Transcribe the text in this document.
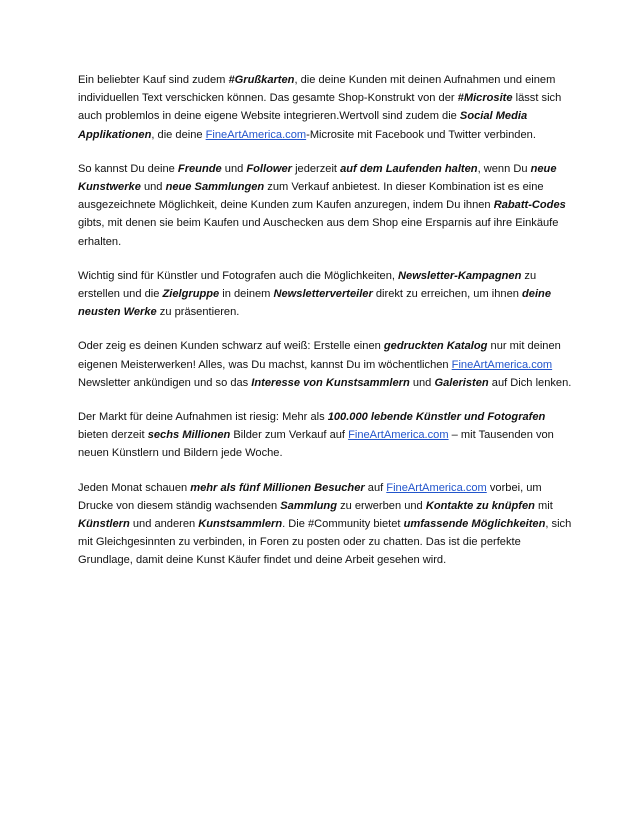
Ein beliebter Kauf sind zudem #Grußkarten, die deine Kunden mit deinen Aufnahmen und einem individuellen Text verschicken können. Das gesamte Shop-Konstrukt von der #Microsite lässt sich auch problemlos in deine eigene Website integrieren.Wertvoll sind zudem die Social Media Applikationen, die deine FineArtAmerica.com-Microsite mit Facebook und Twitter verbinden.

So kannst Du deine Freunde und Follower jederzeit auf dem Laufenden halten, wenn Du neue Kunstwerke und neue Sammlungen zum Verkauf anbietest. In dieser Kombination ist es eine ausgezeichnete Möglichkeit, deine Kunden zum Kaufen anzuregen, indem Du ihnen Rabatt-Codes gibts, mit denen sie beim Kaufen und Auschecken aus dem Shop eine Ersparnis auf ihre Einkäufe erhalten.

Wichtig sind für Künstler und Fotografen auch die Möglichkeiten, Newsletter-Kampagnen zu erstellen und die Zielgruppe in deinem Newsletterverteiler direkt zu erreichen, um ihnen deine neusten Werke zu präsentieren.

Oder zeig es deinen Kunden schwarz auf weiß: Erstelle einen gedruckten Katalog nur mit deinen eigenen Meisterwerken! Alles, was Du machst, kannst Du im wöchentlichen FineArtAmerica.com Newsletter ankündigen und so das Interesse von Kunstsammlern und Galeristen auf Dich lenken.

Der Markt für deine Aufnahmen ist riesig: Mehr als 100.000 lebende Künstler und Fotografen bieten derzeit sechs Millionen Bilder zum Verkauf auf FineArtAmerica.com – mit Tausenden von neuen Künstlern und Bildern jede Woche.

Jeden Monat schauen mehr als fünf Millionen Besucher auf FineArtAmerica.com vorbei, um Drucke von diesem ständig wachsenden Sammlung zu erwerben und Kontakte zu knüpfen mit Künstlern und anderen Kunstsammlern. Die #Community bietet umfassende Möglichkeiten, sich mit Gleichgesinnten zu verbinden, in Foren zu posten oder zu chatten. Das ist die perfekte Grundlage, damit deine Kunst Käufer findet und deine Arbeit gesehen wird.
